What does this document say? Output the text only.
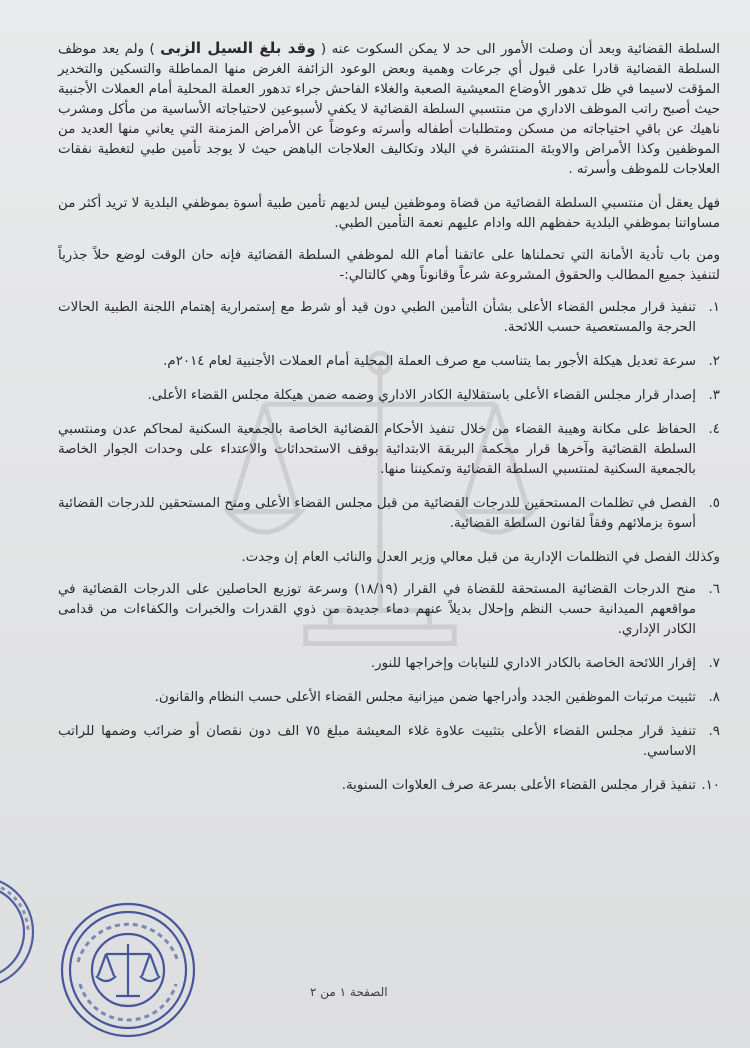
السلطة القضائية وبعد أن وصلت الأمور الى حد لا يمكن السكوت عنه ( وقد بلغ السيل الزبى ) ولم يعد موظف السلطة القضائية قادرا على قبول أي جرعات وهمية وبعض الوعود الزائفة الغرض منها المماطلة والتسكين والتخدير المؤقت لاسيما في ظل تدهور الأوضاع المعيشية الصعبة والغلاء الفاحش جراء تدهور العملة المحلية أمام العملات الأجنبية حيث أصبح راتب الموظف الاداري من منتسبي السلطة القضائية لا يكفي لأسبوعين لاحتياجاته الأساسية من مأكل ومشرب ناهيك عن باقي احتياجاته من مسكن ومتطلبات أطفاله وأسرته وعوضاً عن الأمراض المزمنة التي يعاني منها العديد من الموظفين وكذا الأمراض والاوبئة المنتشرة في البلاد وتكاليف العلاجات الباهض حيث لا يوجد تأمين طبي لتغطية نفقات العلاجات للموظف وأسرته .

فهل يعقل أن منتسبي السلطة القضائية من قضاة وموظفين ليس لديهم تأمين طبية أسوة بموظفي البلدية لا تريد أكثر من مساواتنا بموظفي البلدية حفظهم الله وادام عليهم نعمة التأمين الطبي.

ومن باب تأدية الأمانة التي تحملناها على عاتقنا أمام الله لموظفي السلطة القضائية فإنه حان الوقت لوضع حلاً جذرياً لتنفيذ جميع المطالب والحقوق المشروعة شرعاً وقانوناً وهي كالتالي:-

١.
تنفيذ قرار مجلس القضاء الأعلى بشأن التأمين الطبي دون قيد أو شرط مع إستمرارية إهتمام اللجنة الطبية الحالات الحرجة والمستعصية حسب اللائحة.
٢.
سرعة تعديل هيكلة الأجور بما يتناسب مع صرف العملة المحلية أمام العملات الأجنبية لعام ٢٠١٤م.
٣.
إصدار قرار مجلس القضاء الأعلى باستقلالية الكادر الاداري وضمه ضمن هيكلة مجلس القضاء الأعلى.
٤.
الحفاظ على مكانة وهيبة القضاء من خلال تنفيذ الأحكام القضائية الخاصة بالجمعية السكنية لمحاكم عدن ومنتسبي السلطة القضائية وآخرها قرار محكمة البريقة الابتدائية بوقف الاستحداثات والاعتداء على وحدات الجوار الخاصة بالجمعية السكنية لمنتسبي السلطة القضائية وتمكيننا منها.
٥.
الفصل في تظلمات المستحقين للدرجات القضائية من قبل مجلس القضاء الأعلى ومنح المستحقين للدرجات القضائية أسوة بزملائهم وفقاً لقانون السلطة القضائية.

وكذلك الفصل في التظلمات الإدارية من قبل معالي وزير العدل والنائب العام إن وجدت.

٦.
منح الدرجات القضائية المستحقة للقضاة في القرار (١٨/١٩) وسرعة توزيع الحاصلين على الدرجات القضائية في مواقعهم الميدانية حسب النظم وإحلال بديلاً عنهم دماء جديدة من ذوي القدرات والخبرات والكفاءات من قدامى الكادر الإداري.
٧.
إقرار اللائحة الخاصة بالكادر الاداري للنيابات وإخراجها للنور.
٨.
تثبيت مرتبات الموظفين الجدد وأدراجها ضمن ميزانية مجلس القضاء الأعلى حسب النظام والقانون.
٩.
تنفيذ قرار مجلس القضاء الأعلى بتثبيت علاوة غلاء المعيشة مبلغ ٧٥ الف دون نقصان أو ضرائب وضمها للراتب الاساسي.
١٠.
تنفيذ قرار مجلس القضاء الأعلى بسرعة صرف العلاوات السنوية.
الصفحة ١ من ٢
